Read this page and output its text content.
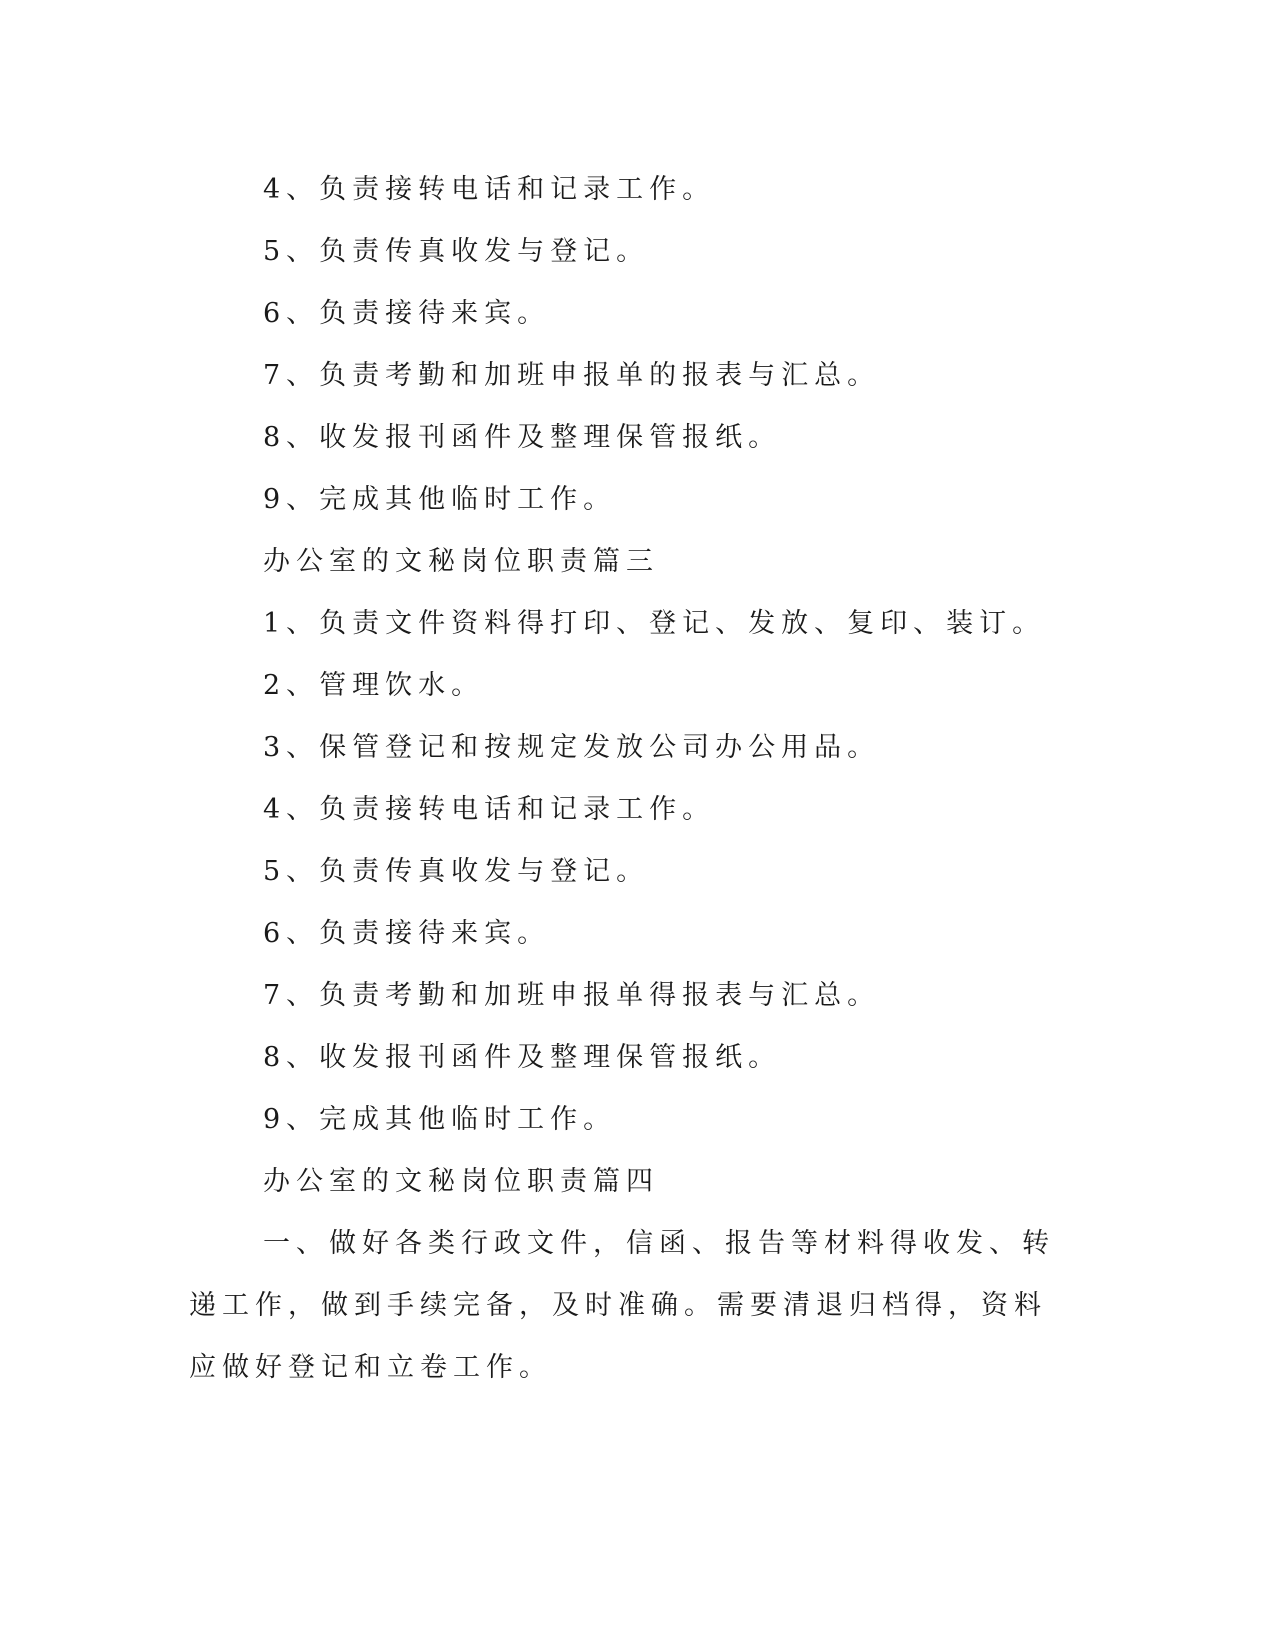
4、负责接转电话和记录工作。
5、负责传真收发与登记。
6、负责接待来宾。
7、负责考勤和加班申报单的报表与汇总。
8、收发报刊函件及整理保管报纸。
9、完成其他临时工作。
办公室的文秘岗位职责篇三
1、负责文件资料得打印、登记、发放、复印、装订。
2、管理饮水。
3、保管登记和按规定发放公司办公用品。
4、负责接转电话和记录工作。
5、负责传真收发与登记。
6、负责接待来宾。
7、负责考勤和加班申报单得报表与汇总。
8、收发报刊函件及整理保管报纸。
9、完成其他临时工作。
办公室的文秘岗位职责篇四

一、做好各类行政文件，信函、报告等材料得收发、转递工作，做到手续完备，及时准确。需要清退归档得，资料应做好登记和立卷工作。
